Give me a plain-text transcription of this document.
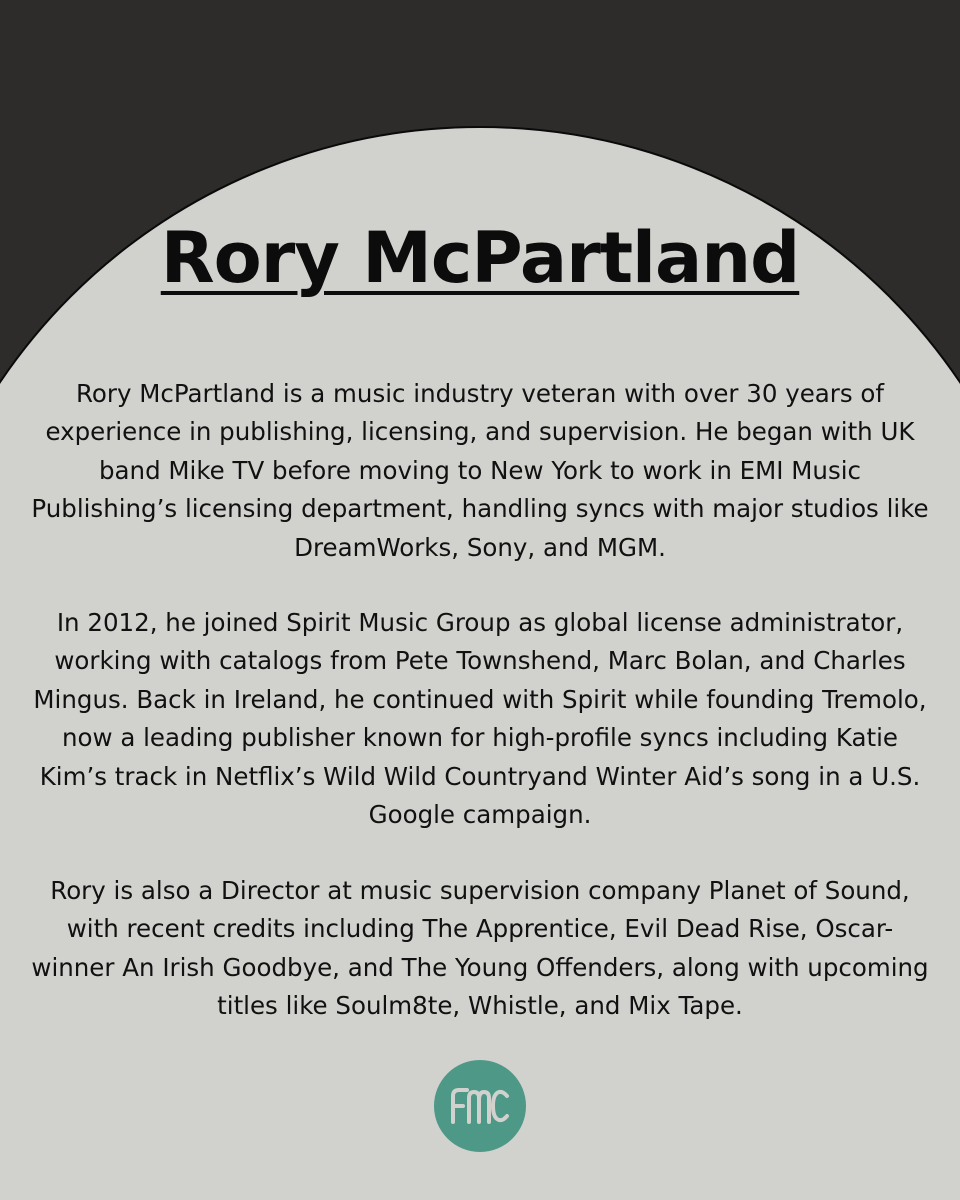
Rory McPartland

Rory McPartland is a music industry veteran with over 30 years of experience in publishing, licensing, and supervision. He began with UK band Mike TV before moving to New York to work in EMI Music Publishing’s licensing department, handling syncs with major studios like DreamWorks, Sony, and MGM.

In 2012, he joined Spirit Music Group as global license administrator, working with catalogs from Pete Townshend, Marc Bolan, and Charles Mingus. Back in Ireland, he continued with Spirit while founding Tremolo, now a leading publisher known for high-profile syncs including Katie Kim’s track in Netflix’s Wild Wild Countryand Winter Aid’s song in a U.S. Google campaign.

Rory is also a Director at music supervision company Planet of Sound, with recent credits including The Apprentice, Evil Dead Rise, Oscar-winner An Irish Goodbye, and The Young Offenders, along with upcoming titles like Soulm8te, Whistle, and Mix Tape.
